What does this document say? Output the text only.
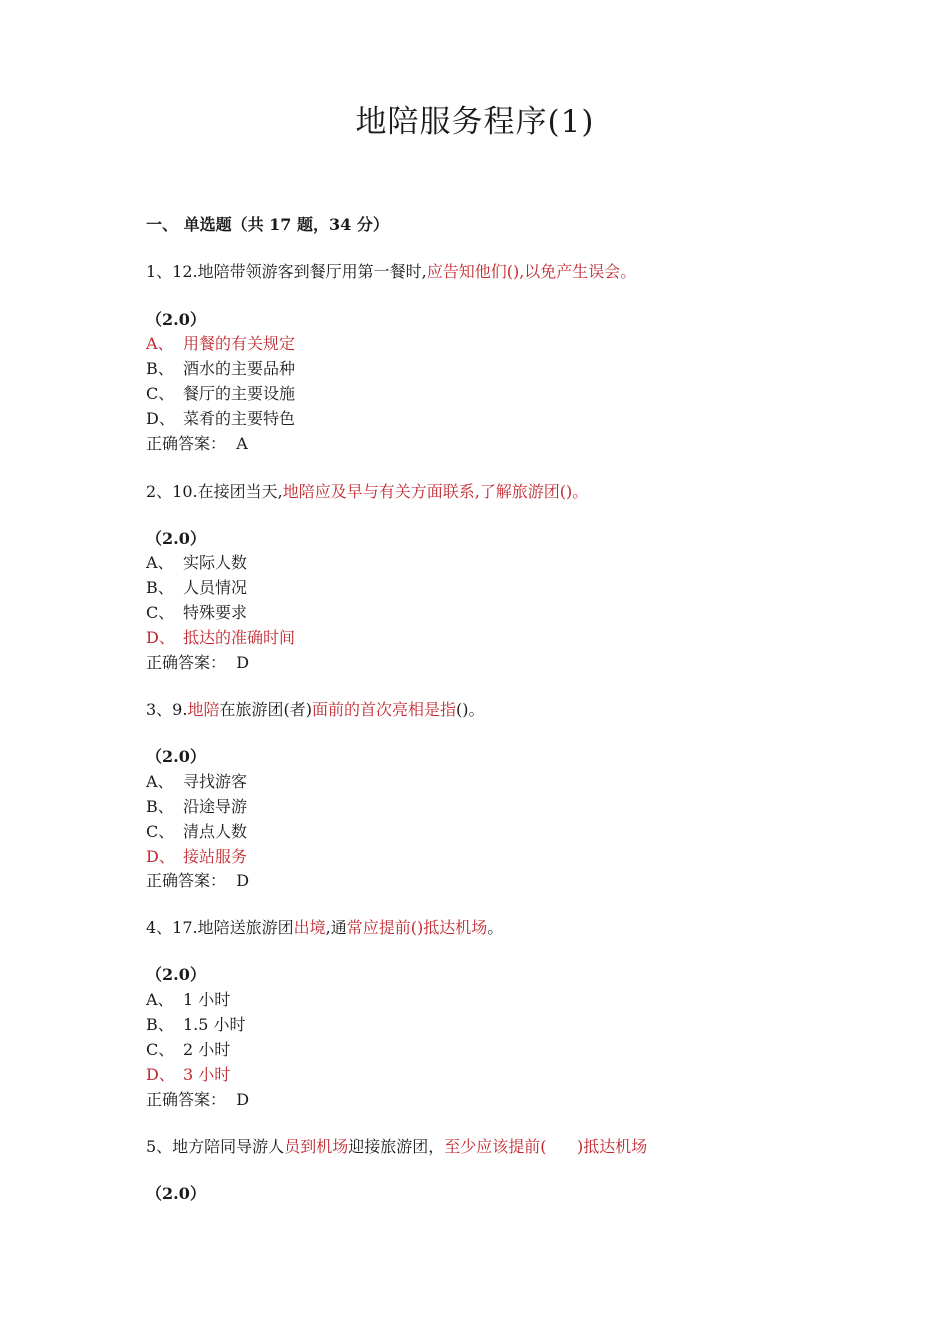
地陪服务程序(1)
一、 单选题（共 17 题，34 分）
1、12.地陪带领游客到餐厅用第一餐时,应告知他们(),以免产生误会。
（2.0）
A、 用餐的有关规定
B、 酒水的主要品种
C、 餐厅的主要设施
D、 菜肴的主要特色
正确答案： A
2、10.在接团当天,地陪应及早与有关方面联系,了解旅游团()。
（2.0）
A、 实际人数
B、 人员情况
C、 特殊要求
D、 抵达的准确时间
正确答案： D
3、9.地陪在旅游团(者)面前的首次亮相是指()。
（2.0）
A、 寻找游客
B、 沿途导游
C、 清点人数
D、 接站服务
正确答案： D
4、17.地陪送旅游团出境,通常应提前()抵达机场。
（2.0）
A、 1 小时
B、 1.5 小时
C、 2 小时
D、 3 小时
正确答案： D
5、地方陪同导游人员到机场迎接旅游团，至少应该提前(      )抵达机场
（2.0）
